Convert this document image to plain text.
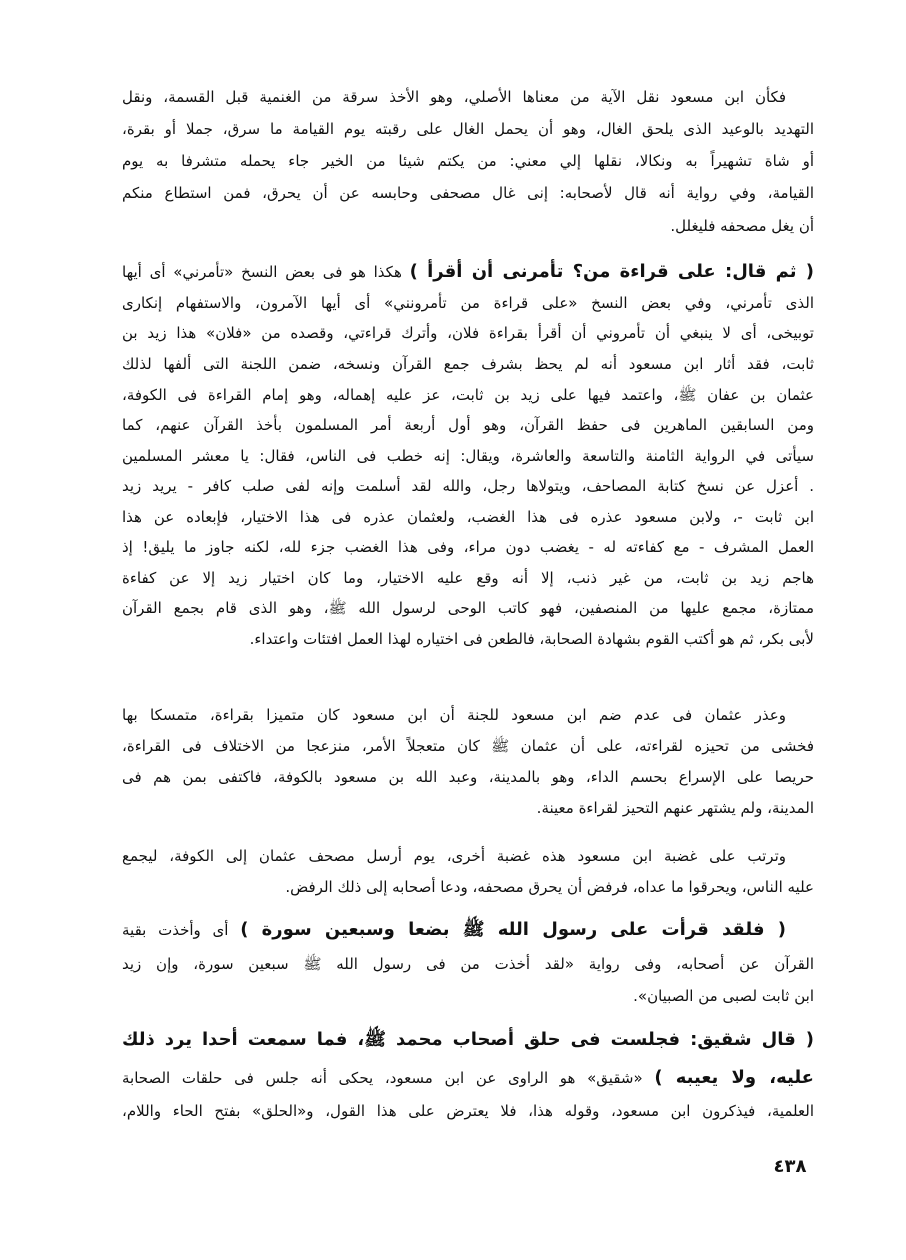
فكأن ابن مسعود نقل الآية من معناها الأصلي، وهو الأخذ سرقة من الغنمية قبل القسمة، ونقل
التهديد بالوعيد الذى يلحق الغال، وهو أن يحمل الغال على رقبته يوم القيامة ما سرق، جملا أو بقرة،
أو شاة تشهيراً به ونكالا، نقلها إلي معني: من يكتم شيئا من الخير جاء يحمله متشرفا به يوم
القيامة، وفي رواية أنه قال لأصحابه: إنى غال مصحفى وحابسه عن أن يحرق، فمن استطاع منكم
أن يغل مصحفه فليغلل.
( ثم قال: على قراءة من؟ تأمرنى أن أقرأ ) هكذا هو فى بعض النسخ «تأمرني» أى أيها
الذى تأمرني، وفي بعض النسخ «على قراءة من تأمرونني» أى أيها الآمرون، والاستفهام إنكارى
توبيخى، أى لا ينبغي أن تأمروني أن أقرأ بقراءة فلان، وأترك قراءتي، وقصده من «فلان» هذا زيد بن
ثابت، فقد أثار ابن مسعود أنه لم يحظ بشرف جمع القرآن ونسخه، ضمن اللجنة التى ألفها لذلك
عثمان بن عفان ﷺ، واعتمد فيها على زيد بن ثابت، عز عليه إهماله، وهو إمام القراءة فى الكوفة،
ومن السابقين الماهرين فى حفظ القرآن، وهو أول أربعة أمر المسلمون بأخذ القرآن عنهم، كما
سيأتى في الرواية الثامنة والتاسعة والعاشرة، ويقال: إنه خطب فى الناس، فقال: يا معشر المسلمين
. أعزل عن نسخ كتابة المصاحف، ويتولاها رجل، والله لقد أسلمت وإنه لفى صلب كافر - يريد زيد
ابن ثابت -، ولابن مسعود عذره فى هذا الغضب، ولعثمان عذره فى هذا الاختيار، فإبعاده عن هذا
العمل المشرف - مع كفاءته له - يغضب دون مراء، وفى هذا الغضب جزء لله، لكنه جاوز ما يليق! إذ
هاجم زيد بن ثابت، من غير ذنب، إلا أنه وقع عليه الاختيار، وما كان اختيار زيد إلا عن كفاءة
ممتازة، مجمع عليها من المنصفين، فهو كاتب الوحى لرسول الله ﷺ، وهو الذى قام بجمع القرآن
لأبى بكر، ثم هو أكتب القوم بشهادة الصحابة، فالطعن فى اختياره لهذا العمل افتئات واعتداء.
وعذر عثمان فى عدم ضم ابن مسعود للجنة أن ابن مسعود كان متميزا بقراءة، متمسكا بها
فخشى من تحيزه لقراءته، على أن عثمان ﷺ كان متعجلاً الأمر، منزعجا من الاختلاف فى القراءة،
حريصا على الإسراع بحسم الداء، وهو بالمدينة، وعبد الله بن مسعود بالكوفة، فاكتفى بمن هم فى
المدينة، ولم يشتهر عنهم التحيز لقراءة معينة.
وترتب على غضبة ابن مسعود هذه غضبة أخرى، يوم أرسل مصحف عثمان إلى الكوفة، ليجمع
عليه الناس، ويحرقوا ما عداه، فرفض أن يحرق مصحفه، ودعا أصحابه إلى ذلك الرفض.
( فلقد قرأت على رسول الله ﷺ بضعا وسبعين سورة ) أى وأخذت بقية
القرآن عن أصحابه، وفى رواية «لقد أخذت من فى رسول الله ﷺ سبعين سورة، وإن زيد
ابن ثابت لصبى من الصبيان».
( قال شقيق: فجلست فى حلق أصحاب محمد ﷺ، فما سمعت أحدا يرد ذلك
عليه، ولا يعيبه ) «شقيق» هو الراوى عن ابن مسعود، يحكى أنه جلس فى حلقات الصحابة
العلمية، فيذكرون ابن مسعود، وقوله هذا، فلا يعترض على هذا القول، و«الحلق» بفتح الحاء واللام،
٤٣٨
